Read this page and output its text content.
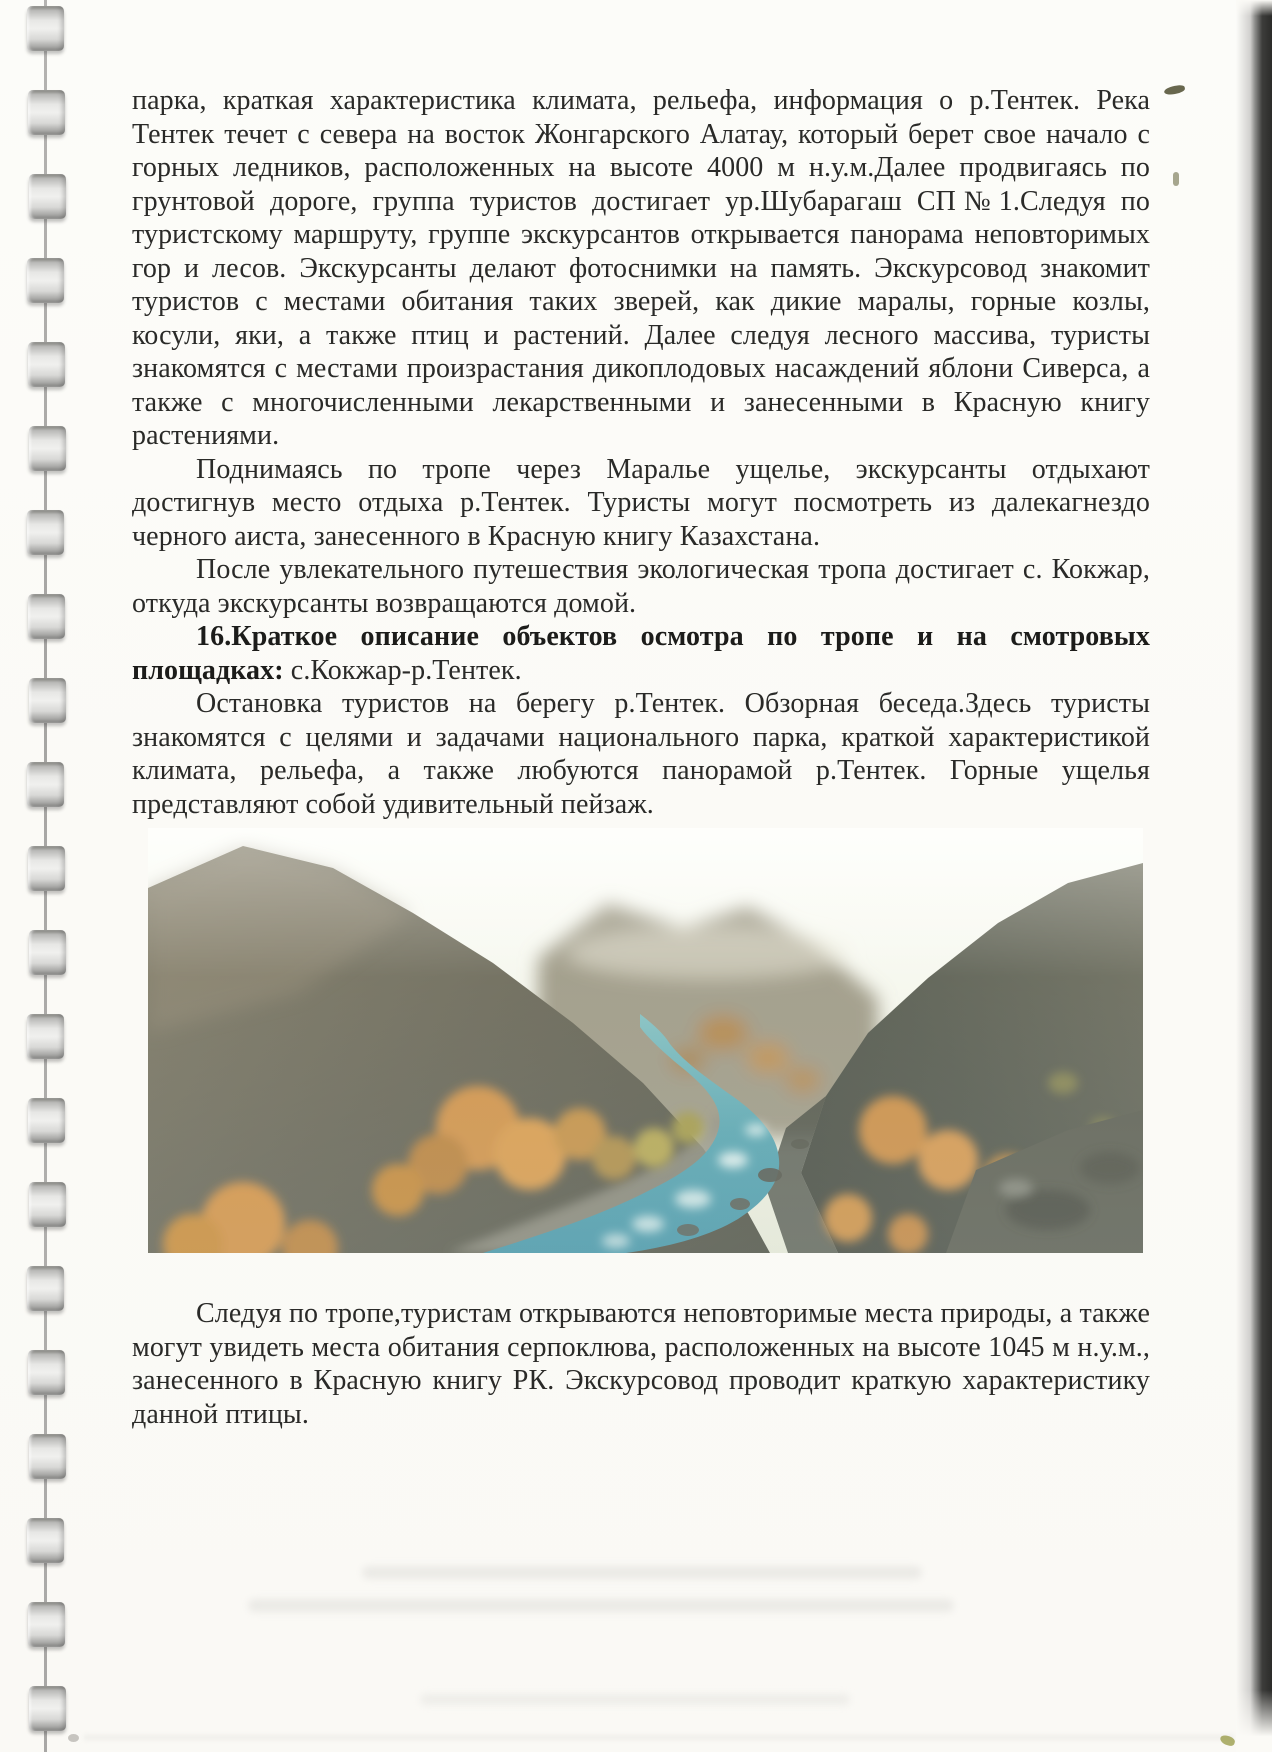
парка, краткая характеристика климата, рельефа, информация о р.Тентек. Река Тентек течет с севера на восток Жонгарского Алатау, который берет свое начало с горных ледников, расположенных на высоте 4000 м н.у.м.Далее продвигаясь по грунтовой дороге, группа туристов достигает ур.Шубарагаш СП№1.Следуя по туристскому маршруту, группе экскурсантов открывается панорама неповторимых гор и лесов. Экскурсанты делают фотоснимки на память. Экскурсовод знакомит туристов с местами обитания таких зверей, как дикие маралы, горные козлы, косули, яки, а также птиц и растений. Далее следуя лесного массива, туристы знакомятся с местами произрастания дикоплодовых насаждений яблони Сиверса, а также с многочисленными лекарственными и занесенными в Красную книгу растениями.

Поднимаясь по тропе через Маралье ущелье, экскурсанты отдыхают достигнув место отдыха р.Тентек. Туристы могут посмотреть из далекагнездо черного аиста, занесенного в Красную книгу Казахстана.

После увлекательного путешествия экологическая тропа достигает с. Кокжар, откуда экскурсанты возвращаются домой.

16.Краткое описание объектов осмотра по тропе и на смотровых площадках: с.Кокжар-р.Тентек.

Остановка туристов на берегу р.Тентек. Обзорная беседа.Здесь туристы знакомятся с целями и задачами национального парка, краткой характеристикой климата, рельефа, а также любуются панорамой р.Тентек. Горные ущелья представляют собой удивительный пейзаж.

Следуя по тропе,туристам открываются неповторимые места природы, а также могут увидеть места обитания серпоклюва, расположенных на высоте 1045 м н.у.м., занесенного в Красную книгу РК. Экскурсовод проводит краткую характеристику данной птицы.
